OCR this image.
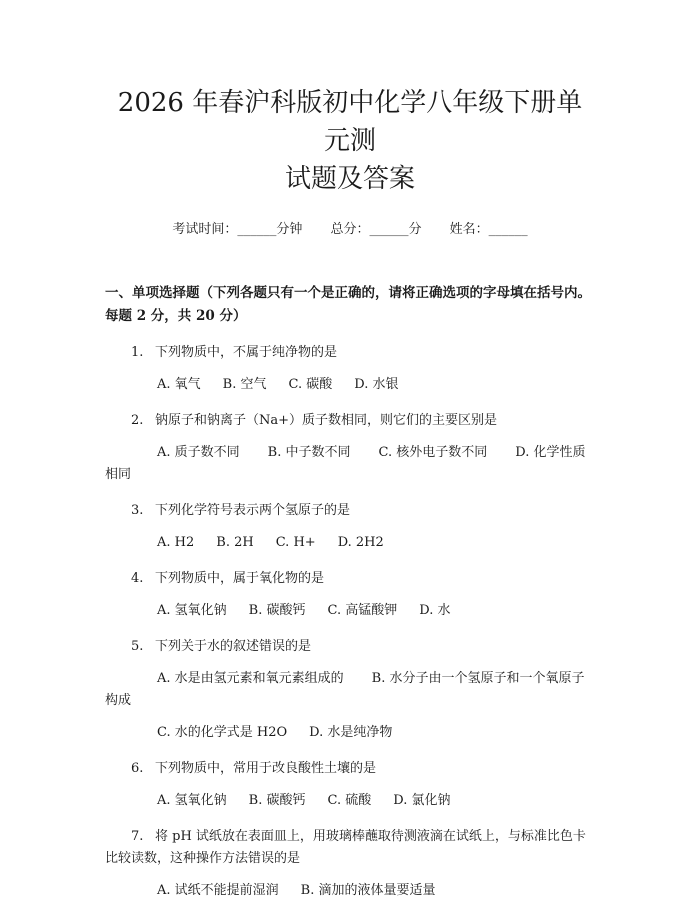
2026 年春沪科版初中化学八年级下册单元测
试题及答案
考试时间：______分钟 总分：______分 姓名：______
一、单项选择题（下列各题只有一个是正确的，请将正确选项的字母填在括号内。每题 2 分，共 20 分）
1. 下列物质中，不属于纯净物的是
A. 氧气 B. 空气 C. 碳酸 D. 水银
2. 钠原子和钠离子（Na+）质子数相同，则它们的主要区别是
A. 质子数不同 B. 中子数不同 C. 核外电子数不同 D. 化学性质相同
3. 下列化学符号表示两个氢原子的是
A. H2 B. 2H C. H+ D. 2H2
4. 下列物质中，属于氧化物的是
A. 氢氧化钠 B. 碳酸钙 C. 高锰酸钾 D. 水
5. 下列关于水的叙述错误的是
A. 水是由氢元素和氧元素组成的 B. 水分子由一个氢原子和一个氧原子构成
C. 水的化学式是 H2O D. 水是纯净物
6. 下列物质中，常用于改良酸性土壤的是
A. 氢氧化钠 B. 碳酸钙 C. 硫酸 D. 氯化钠
7. 将 pH 试纸放在表面皿上，用玻璃棒蘸取待测液滴在试纸上，与标准比色卡比较读数，这种操作方法错误的是
A. 试纸不能提前湿润 B. 滴加的液体量要适量
